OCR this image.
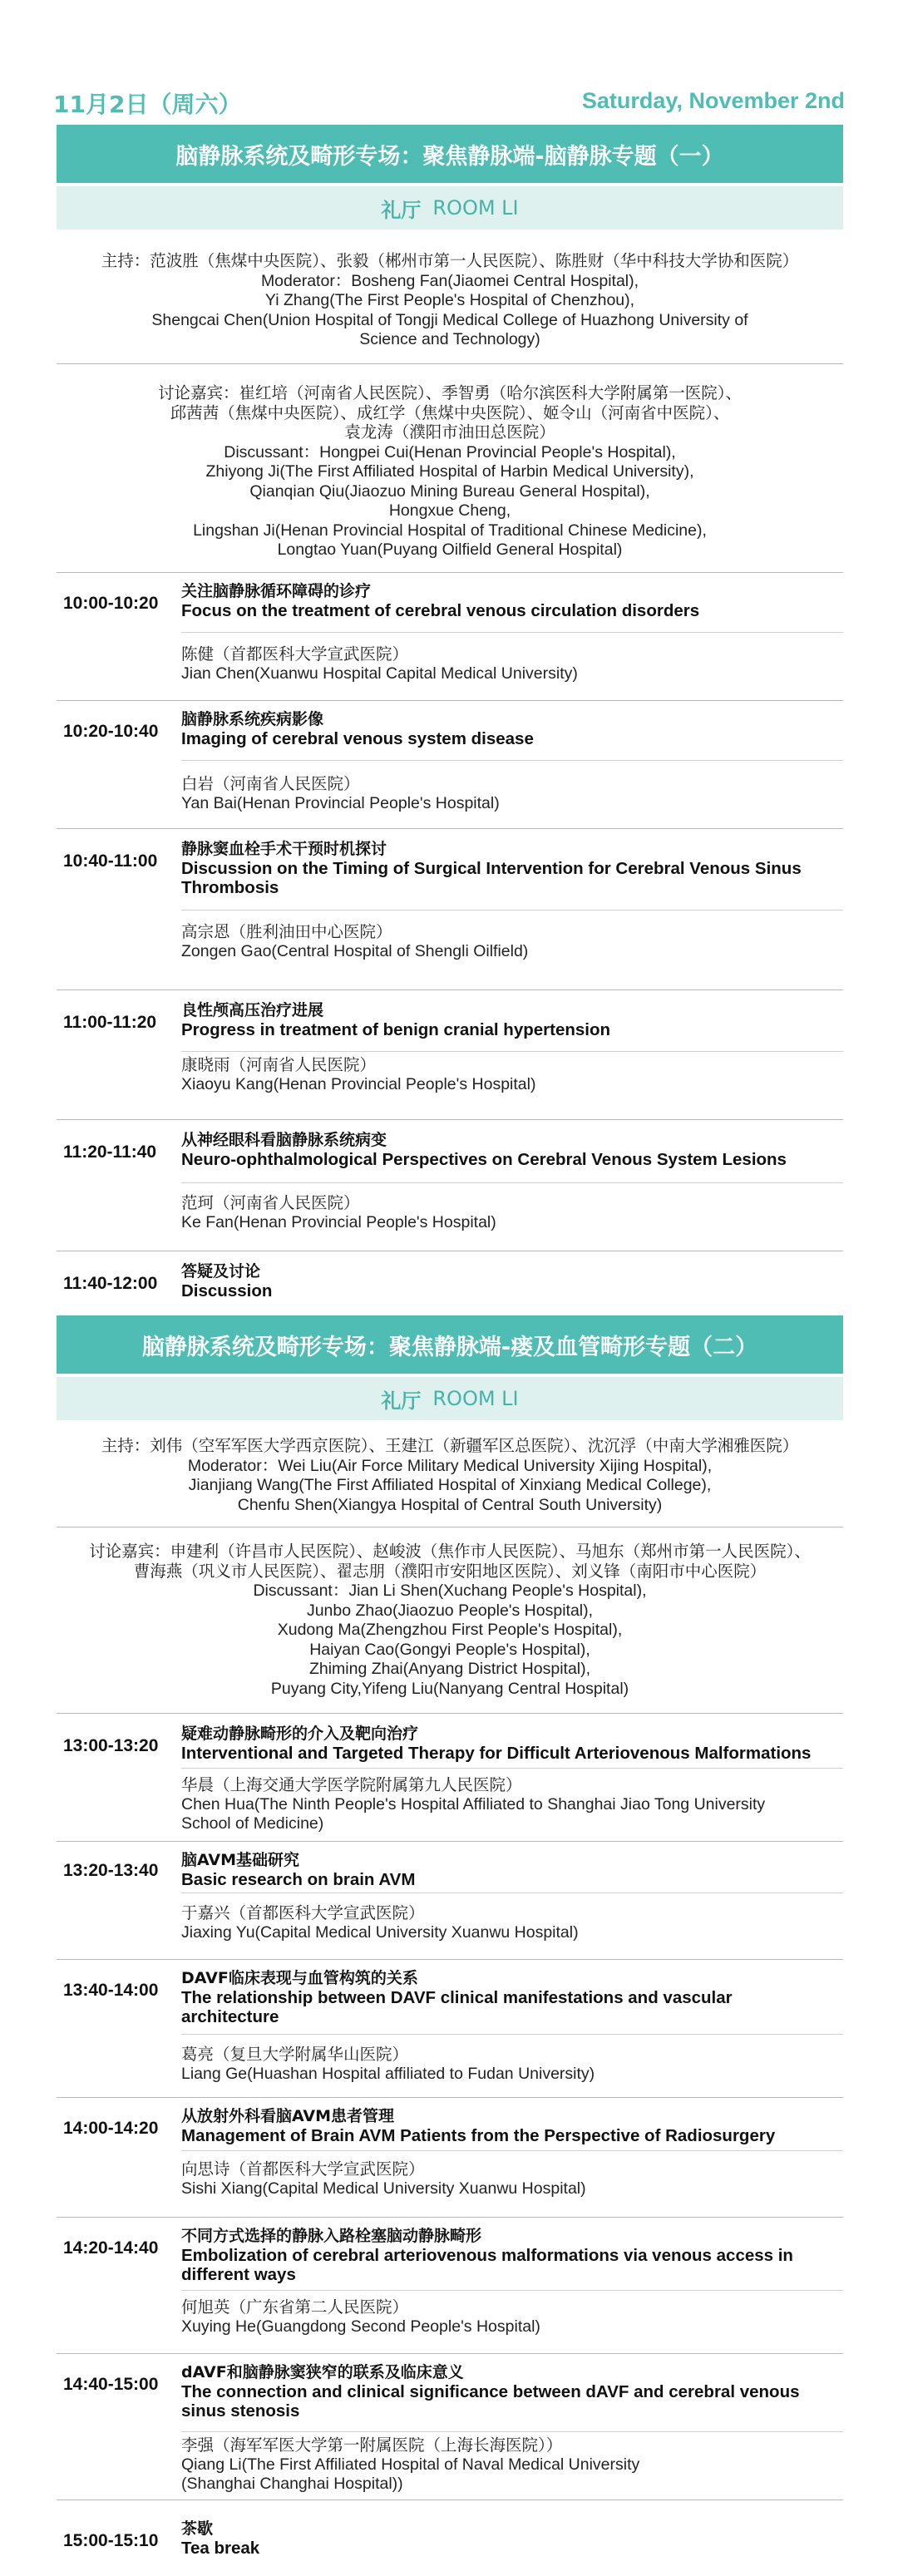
11月2日（周六）	Saturday, November 2nd
脑静脉系统及畸形专场：聚焦静脉端-脑静脉专题（一）
礼厅 ROOM LI
主持：范波胜（焦煤中央医院）、张毅（郴州市第一人民医院）、陈胜财（华中科技大学协和医院）
Moderator：Bosheng Fan(Jiaomei Central Hospital),
Yi Zhang(The First People's Hospital of Chenzhou),
Shengcai Chen(Union Hospital of Tongji Medical College of Huazhong University of
Science and Technology)
讨论嘉宾：崔红培（河南省人民医院）、季智勇（哈尔滨医科大学附属第一医院）、
邱茜茜（焦煤中央医院）、成红学（焦煤中央医院）、姬令山（河南省中医院）、
袁龙涛（濮阳市油田总医院）
Discussant：Hongpei Cui(Henan Provincial People's Hospital),
Zhiyong Ji(The First Affiliated Hospital of Harbin Medical University),
Qianqian Qiu(Jiaozuo Mining Bureau General Hospital),
Hongxue Cheng,
Lingshan Ji(Henan Provincial Hospital of Traditional Chinese Medicine),
Longtao Yuan(Puyang Oilfield General Hospital)
10:00-10:20
关注脑静脉循环障碍的诊疗
Focus on the treatment of cerebral venous circulation disorders
陈健（首都医科大学宣武医院）
Jian Chen(Xuanwu Hospital Capital Medical University)
10:20-10:40
脑静脉系统疾病影像
Imaging of cerebral venous system disease
白岩（河南省人民医院）
Yan Bai(Henan Provincial People's Hospital)
10:40-11:00
静脉窦血栓手术干预时机探讨
Discussion on the Timing of Surgical Intervention for Cerebral Venous Sinus
Thrombosis
高宗恩（胜利油田中心医院）
Zongen Gao(Central Hospital of Shengli Oilfield)
11:00-11:20
良性颅高压治疗进展
Progress in treatment of benign cranial hypertension
康晓雨（河南省人民医院）
Xiaoyu Kang(Henan Provincial People's Hospital)
11:20-11:40
从神经眼科看脑静脉系统病变
Neuro-ophthalmological Perspectives on Cerebral Venous System Lesions
范珂（河南省人民医院）
Ke Fan(Henan Provincial People's Hospital)
11:40-12:00
答疑及讨论
Discussion
脑静脉系统及畸形专场：聚焦静脉端-瘘及血管畸形专题（二）
礼厅 ROOM LI
主持：刘伟（空军军医大学西京医院）、王建江（新疆军区总医院）、沈沉浮（中南大学湘雅医院）
Moderator：Wei Liu(Air Force Military Medical University Xijing Hospital),
Jianjiang Wang(The First Affiliated Hospital of Xinxiang Medical College),
Chenfu Shen(Xiangya Hospital of Central South University)
讨论嘉宾：申建利（许昌市人民医院）、赵峻波（焦作市人民医院）、马旭东（郑州市第一人民医院）、
曹海燕（巩义市人民医院）、翟志朋（濮阳市安阳地区医院）、刘义锋（南阳市中心医院）
Discussant：Jian Li Shen(Xuchang People's Hospital),
Junbo Zhao(Jiaozuo People's Hospital),
Xudong Ma(Zhengzhou First People's Hospital),
Haiyan Cao(Gongyi People's Hospital),
Zhiming Zhai(Anyang District Hospital),
Puyang City,Yifeng Liu(Nanyang Central Hospital)
13:00-13:20
疑难动静脉畸形的介入及靶向治疗
Interventional and Targeted Therapy for Difficult Arteriovenous Malformations
华晨（上海交通大学医学院附属第九人民医院）
Chen Hua(The Ninth People's Hospital Affiliated to Shanghai Jiao Tong University
School of Medicine)
13:20-13:40
脑AVM基础研究
Basic research on brain AVM
于嘉兴（首都医科大学宣武医院）
Jiaxing Yu(Capital Medical University Xuanwu Hospital)
13:40-14:00
DAVF临床表现与血管构筑的关系
The relationship between DAVF clinical manifestations and vascular
architecture
葛亮（复旦大学附属华山医院）
Liang Ge(Huashan Hospital affiliated to Fudan University)
14:00-14:20
从放射外科看脑AVM患者管理
Management of Brain AVM Patients from the Perspective of Radiosurgery
向思诗（首都医科大学宣武医院）
Sishi Xiang(Capital Medical University Xuanwu Hospital)
14:20-14:40
不同方式选择的静脉入路栓塞脑动静脉畸形
Embolization of cerebral arteriovenous malformations via venous access in
different ways
何旭英（广东省第二人民医院）
Xuying He(Guangdong Second People's Hospital)
14:40-15:00
dAVF和脑静脉窦狭窄的联系及临床意义
The connection and clinical significance between dAVF and cerebral venous
sinus stenosis
李强（海军军医大学第一附属医院（上海长海医院））
Qiang Li(The First Affiliated Hospital of Naval Medical University
(Shanghai Changhai Hospital))
15:00-15:10
茶歇
Tea break
